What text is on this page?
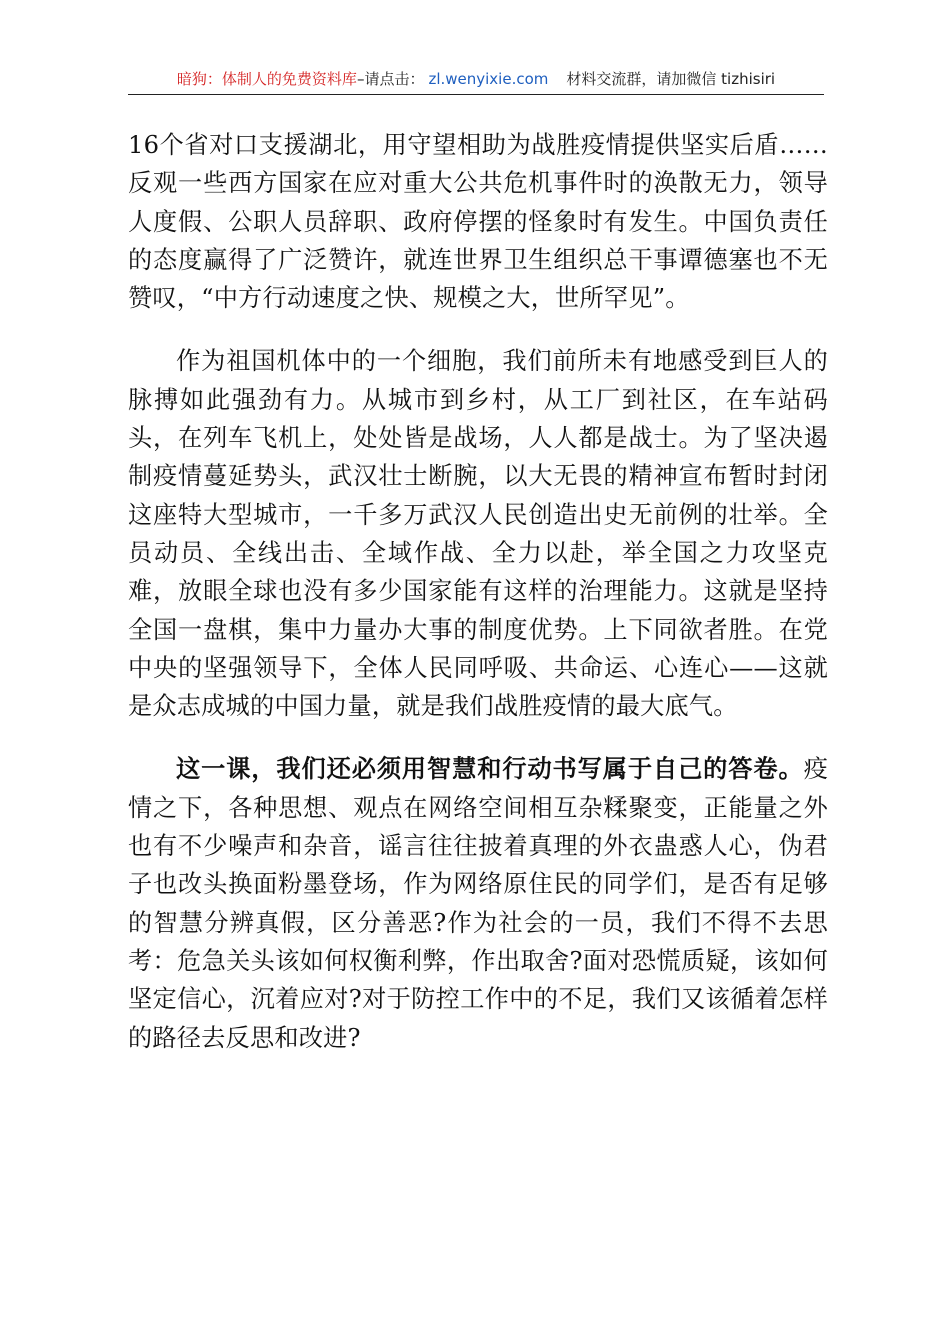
暗狗：体制人的免费资料库 –请点击： zl.wenyixie.com 材料交流群，请加微信 tizhisiri

16个省对口支援湖北，用守望相助为战胜疫情提供坚实后盾……反观一些西方国家在应对重大公共危机事件时的涣散无力，领导人度假、公职人员辞职、政府停摆的怪象时有发生。中国负责任的态度赢得了广泛赞许，就连世界卫生组织总干事谭德塞也不无赞叹，“中方行动速度之快、规模之大，世所罕见”。

作为祖国机体中的一个细胞，我们前所未有地感受到巨人的脉搏如此强劲有力。从城市到乡村，从工厂到社区，在车站码头，在列车飞机上，处处皆是战场，人人都是战士。为了坚决遏制疫情蔓延势头，武汉壮士断腕，以大无畏的精神宣布暂时封闭这座特大型城市，一千多万武汉人民创造出史无前例的壮举。全员动员、全线出击、全域作战、全力以赴，举全国之力攻坚克难，放眼全球也没有多少国家能有这样的治理能力。这就是坚持全国一盘棋，集中力量办大事的制度优势。上下同欲者胜。在党中央的坚强领导下，全体人民同呼吸、共命运、心连心——这就是众志成城的中国力量，就是我们战胜疫情的最大底气。

这一课，我们还必须用智慧和行动书写属于自己的答卷。疫情之下，各种思想、观点在网络空间相互杂糅聚变，正能量之外也有不少噪声和杂音，谣言往往披着真理的外衣蛊惑人心，伪君子也改头换面粉墨登场，作为网络原住民的同学们，是否有足够的智慧分辨真假，区分善恶?作为社会的一员，我们不得不去思考：危急关头该如何权衡利弊，作出取舍?面对恐慌质疑，该如何坚定信心，沉着应对?对于防控工作中的不足，我们又该循着怎样的路径去反思和改进?
